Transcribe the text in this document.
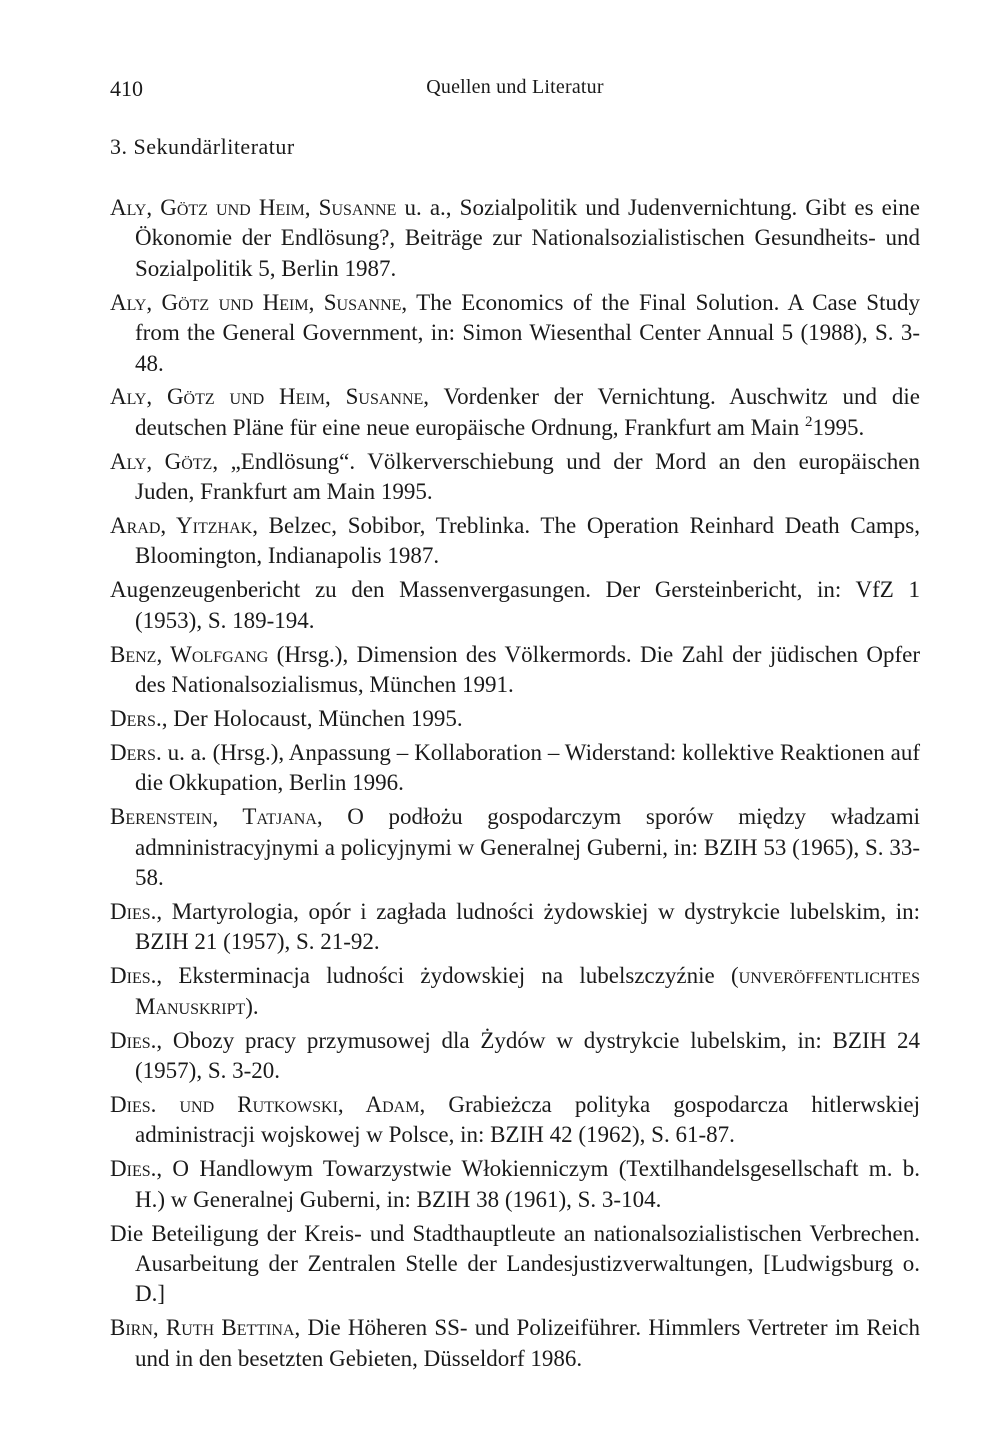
410	Quellen und Literatur
3. Sekundärliteratur

Aly, Götz und Heim, Susanne u. a., Sozialpolitik und Judenvernichtung. Gibt es eine Ökonomie der Endlösung?, Beiträge zur Nationalsozialistischen Gesundheits- und Sozialpolitik 5, Berlin 1987.

Aly, Götz und Heim, Susanne, The Economics of the Final Solution. A Case Study from the General Government, in: Simon Wiesenthal Center Annual 5 (1988), S. 3-48.

Aly, Götz und Heim, Susanne, Vordenker der Vernichtung. Auschwitz und die deutschen Pläne für eine neue europäische Ordnung, Frankfurt am Main $^2$1995.

Aly, Götz, „Endlösung“. Völkerverschiebung und der Mord an den europäischen Juden, Frankfurt am Main 1995.

Arad, Yitzhak, Belzec, Sobibor, Treblinka. The Operation Reinhard Death Camps, Bloomington, Indianapolis 1987.

Augenzeugenbericht zu den Massenvergasungen. Der Gersteinbericht, in: VfZ 1 (1953), S. 189-194.

Benz, Wolfgang (Hrsg.), Dimension des Völkermords. Die Zahl der jüdischen Opfer des Nationalsozialismus, München 1991.

Ders., Der Holocaust, München 1995.

Ders. u. a. (Hrsg.), Anpassung – Kollaboration – Widerstand: kollektive Reaktionen auf die Okkupation, Berlin 1996.

Berenstein, Tatjana, O podłożu gospodarczym sporów między władzami admninistracyjnymi a policyjnymi w Generalnej Guberni, in: BZIH 53 (1965), S. 33-58.

Dies., Martyrologia, opór i zagłada ludności żydowskiej w dystrykcie lubelskim, in: BZIH 21 (1957), S. 21-92.

Dies., Eksterminacja ludności żydowskiej na lubelszczyźnie (unveröffentlichtes Manuskript).

Dies., Obozy pracy przymusowej dla Żydów w dystrykcie lubelskim, in: BZIH 24 (1957), S. 3-20.

Dies. und Rutkowski, Adam, Grabieżcza polityka gospodarcza hitlerwskiej administracji wojskowej w Polsce, in: BZIH 42 (1962), S. 61-87.

Dies., O Handlowym Towarzystwie Włokienniczym (Textilhandelsgesellschaft m. b. H.) w Generalnej Guberni, in: BZIH 38 (1961), S. 3-104.

Die Beteiligung der Kreis- und Stadthauptleute an nationalsozialistischen Verbrechen. Ausarbeitung der Zentralen Stelle der Landesjustizverwaltungen, [Ludwigsburg o. D.]

Birn, Ruth Bettina, Die Höheren SS- und Polizeiführer. Himmlers Vertreter im Reich und in den besetzten Gebieten, Düsseldorf 1986.
